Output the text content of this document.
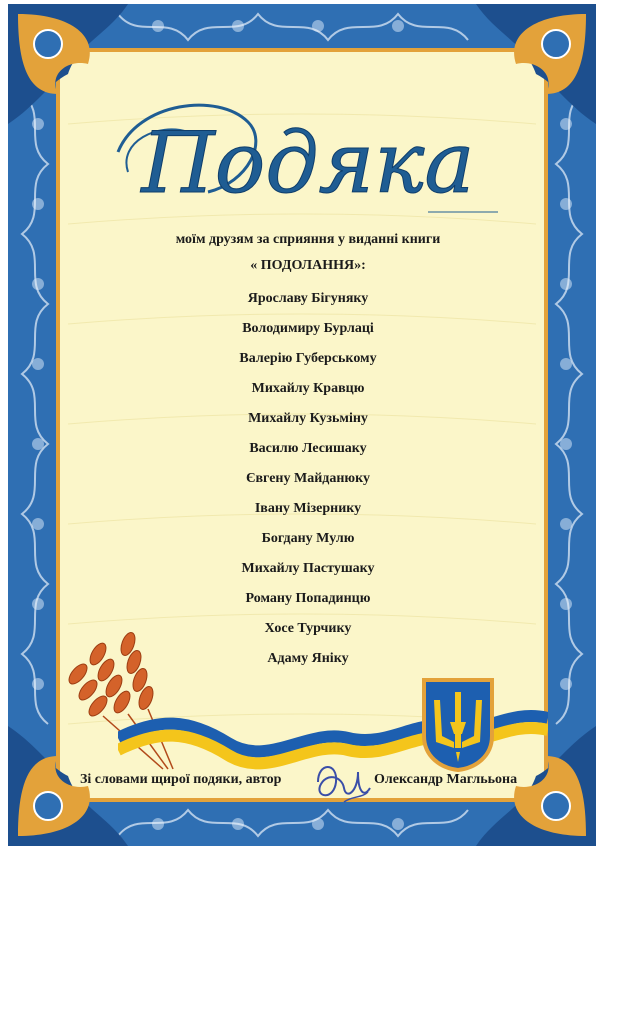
Подяка
моїм друзям за сприяння у виданні книги
« ПОДОЛАННЯ»:
Ярославу Бігуняку
Володимиру Бурлаці
Валерію Губерському
Михайлу Кравцю
Михайлу Кузьміну
Василю Лесишаку
Євгену Майданюку
Івану Мізернику
Богдану Мулю
Михайлу Пастушаку
Роману Попадинцю
Хосе Турчику
Адаму Яніку
Зі словами щирої подяки, автор	Олександр Маглььона
